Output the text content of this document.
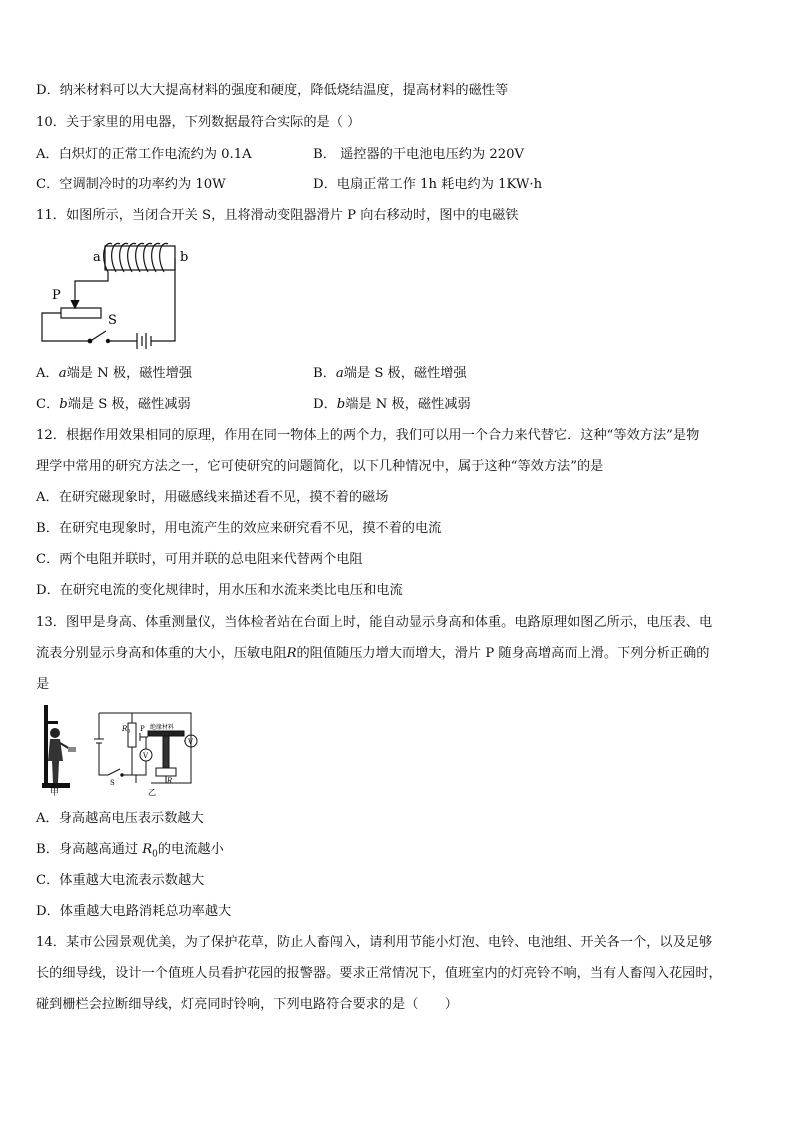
D．纳米材料可以大大提高材料的强度和硬度，降低烧结温度，提高材料的磁性等
10．关于家里的用电器，下列数据最符合实际的是（ ）
A．白炽灯的正常工作电流约为 0.1A	B． 遥控器的干电池电压约为 220V
C．空调制冷时的功率约为 10W	D．电扇正常工作 1h 耗电约为 1KW·h
11．如图所示，当闭合开关 S，且将滑动变阻器滑片 P 向右移动时，图中的电磁铁
a	b
P
S
A．a端是 N 极，磁性增强	B．a端是 S 极，磁性增强
C．b端是 S 极，磁性减弱	D．b端是 N 极，磁性减弱
12．根据作用效果相同的原理，作用在同一物体上的两个力，我们可以用一个合力来代替它．这种“等效方法”是物
理学中常用的研究方法之一，它可使研究的问题简化，以下几种情况中，属于这种“等效方法”的是
A．在研究磁现象时，用磁感线来描述看不见，摸不着的磁场
B．在研究电现象时，用电流产生的效应来研究看不见，摸不着的电流
C．两个电阻并联时，可用并联的总电阻来代替两个电阻
D．在研究电流的变化规律时，用水压和水流来类比电压和电流
13．图甲是身高、体重测量仪，当体检者站在台面上时，能自动显示身高和体重。电路原理如图乙所示，电压表、电
流表分别显示身高和体重的大小，压敏电阻R的阻值随压力增大而增大，滑片 P 随身高增高而上滑。下列分析正确的
是
甲
$R_0$ P 绝缘材料
V
V
R
S
乙
A．身高越高电压表示数越大
B．身高越高通过 $R_0$的电流越小
C．体重越大电流表示数越大
D．体重越大电路消耗总功率越大
14．某市公园景观优美，为了保护花草，防止人畜闯入，请利用节能小灯泡、电铃、电池组、开关各一个，以及足够
长的细导线，设计一个值班人员看护花园的报警器。要求正常情况下，值班室内的灯亮铃不响，当有人畜闯入花园时，
碰到栅栏会拉断细导线，灯亮同时铃响，下列电路符合要求的是（　　）
